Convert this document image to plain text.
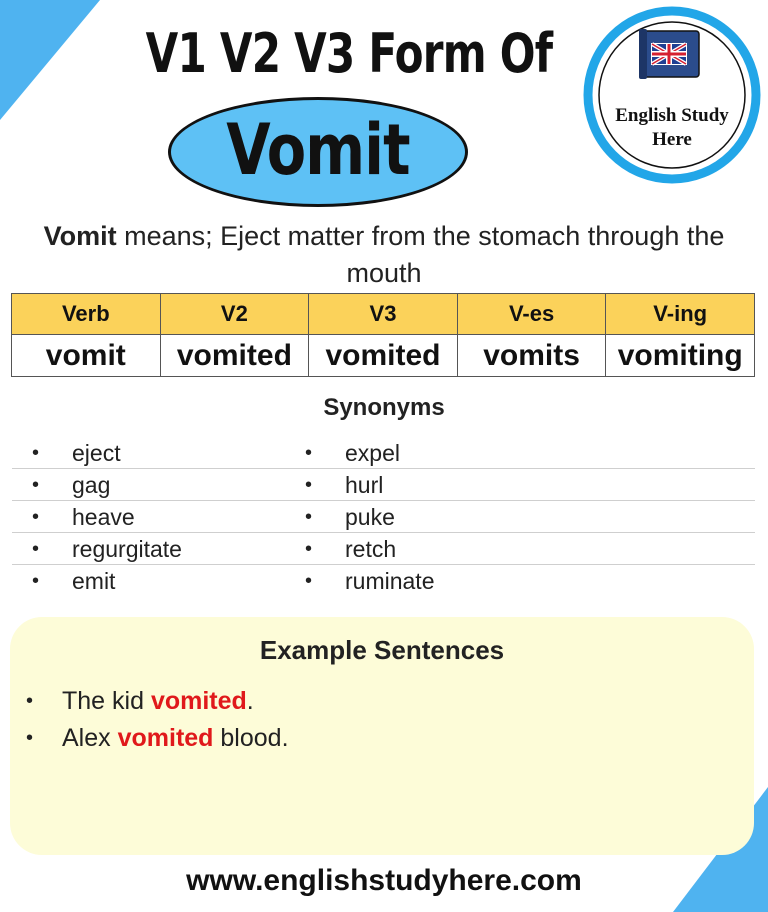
V1 V2 V3 Form Of
Vomit	English Study
Here
Vomit means; Eject matter from the stomach through the mouth
Verb	V2	V3	V-es	V-ing
vomit	vomited	vomited	vomits	vomiting
Synonyms
• eject	• expel
• gag	• hurl
• heave	• puke
• regurgitate	• retch
• emit	• ruminate
Example Sentences
• The kid vomited.
• Alex vomited blood.
www.englishstudyhere.com
